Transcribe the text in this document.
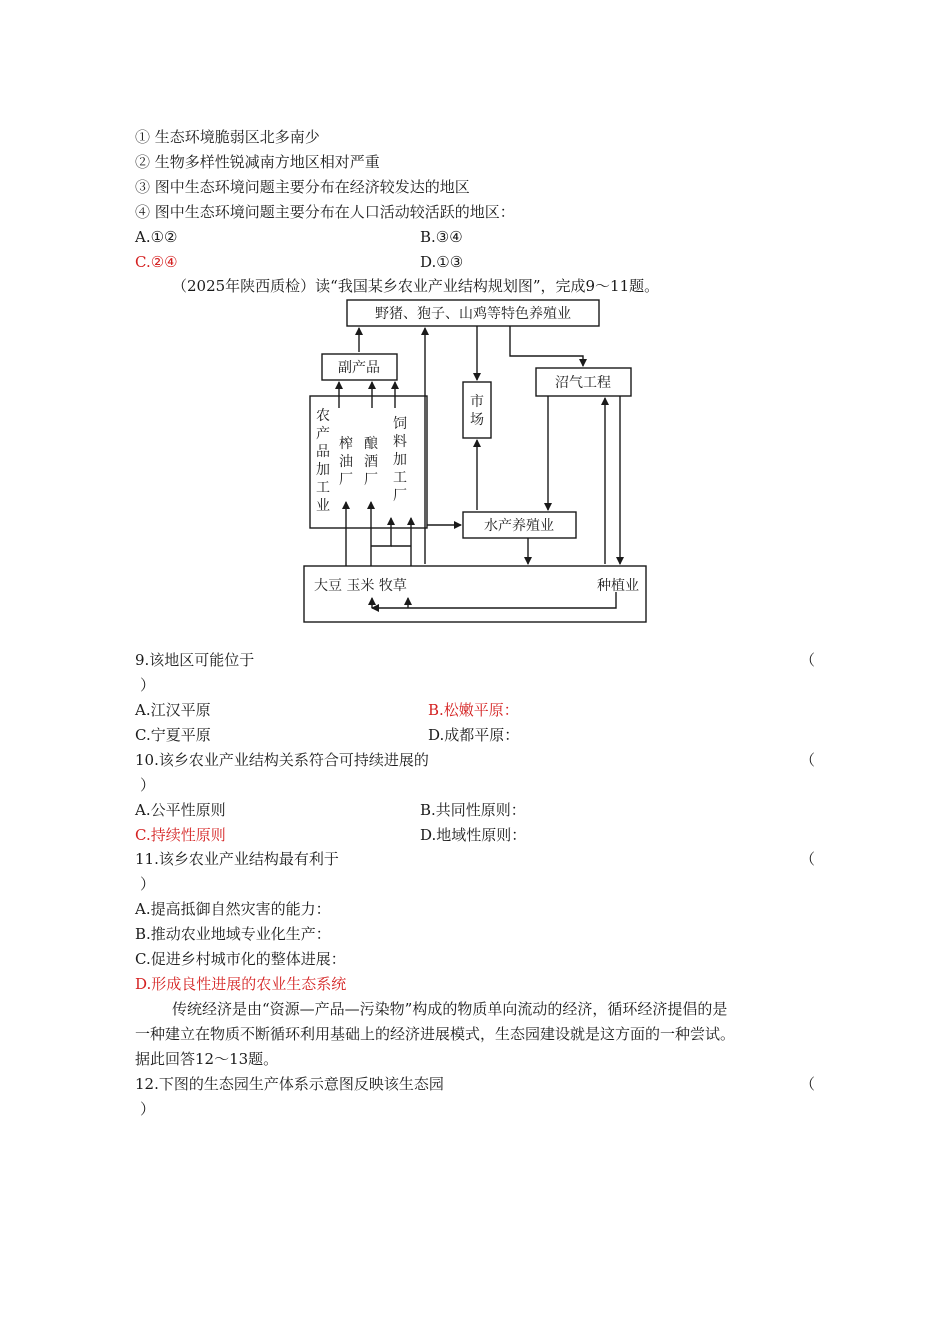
① 生态环境脆弱区北多南少
② 生物多样性锐减南方地区相对严重
③ 图中生态环境问题主要分布在经济较发达的地区
④ 图中生态环境问题主要分布在人口活动较活跃的地区：
A.①②	B.③④
C.②④	D.①③
（2025年陕西质检）读“我国某乡农业产业结构规划图”，完成9～11题。
野猪、狍子、山鸡等特色养殖业
副产品
沼气工程
市
场
水产养殖业
大豆 玉米 牧草	种植业
农
产
品
加
工
业
榨
油
厂
酿
酒
厂
饲
料
加
工
厂
9.该地区可能位于	（
）
A.江汉平原	B.松嫩平原：
C.宁夏平原	D.成都平原：
10.该乡农业产业结构关系符合可持续进展的	（
）
A.公平性原则	B.共同性原则：
C.持续性原则	D.地域性原则：
11.该乡农业产业结构最有利于	（
）
A.提高抵御自然灾害的能力：
B.推动农业地域专业化生产：
C.促进乡村城市化的整体进展：
D.形成良性进展的农业生态系统
传统经济是由“资源—产品—污染物”构成的物质单向流动的经济，循环经济提倡的是
一种建立在物质不断循环利用基础上的经济进展模式，生态园建设就是这方面的一种尝试。
据此回答12～13题。
12.下图的生态园生产体系示意图反映该生态园	（
）
